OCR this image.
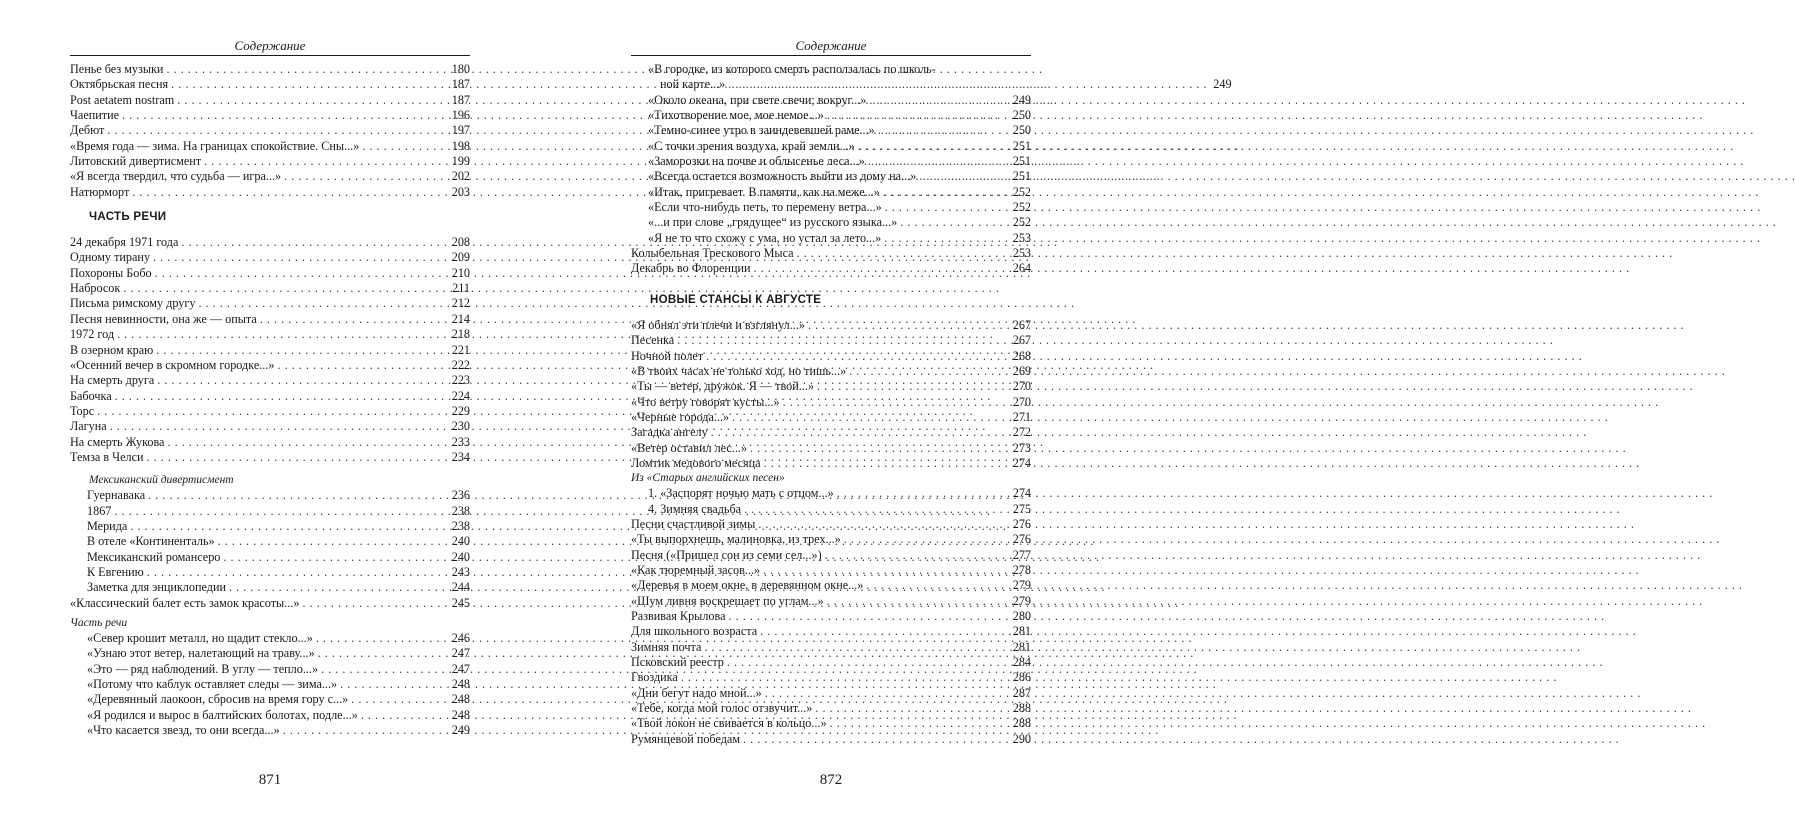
Содержание
Пенье без музыки . . .	180
Октябрьская песня . . .	187
Post aetatem nostram . . .	187
Чаепитие . . .	196
Дебют . . .	197
«Время года — зима. На границах спокойствие. Сны...» . . .	198
Литовский дивертисмент . . .	199
«Я всегда твердил, что судьба — игра...» . . .	202
Натюрморт . . .	203
ЧАСТЬ РЕЧИ
24 декабря 1971 года . . .	208
Одному тирану . . .	209
Похороны Бобо . . .	210
Набросок . . .	211
Письма римскому другу . . .	212
Песня невинности, она же — опыта . . .	214
1972 год . . .	218
В озерном краю . . .	221
«Осенний вечер в скромном городке...» . . .	222
На смерть друга . . .	223
Бабочка . . .	224
Торс . . .	229
Лагуна . . .	230
На смерть Жукова . . .	233
Темза в Челси . . .	234
Мексиканский дивертисмент
Гуернавака . . .	236
1867 . . .	238
Мерида . . .	238
В отеле «Континенталь» . . .	240
Мексиканский романсеро . . .	240
К Евгению . . .	243
Заметка для энциклопедии . . .	244
«Классический балет есть замок красоты...» . . .	245
Часть речи
«Север крошит металл, но щадит стекло...» . . .	246
«Узнаю этот ветер, налетающий на траву...» . . .	247
«Это — ряд наблюдений. В углу — тепло...» . . .	247
«Потому что каблук оставляет следы — зима...» . . .	248
«Деревянный лаокоон, сбросив на время гору с...» . . .	248
«Я родился и вырос в балтийских болотах, подле...» . . .	248
«Что касается звезд, то они всегда...» . . .	249
Содержание
«В городке, из которого смерть расползалась по школь-
ной карте...» . . .	249
«Около океана, при свете свечи; вокруг...» . . .	249
«Тихотворение мое, мое немое...» . . .	250
«Темно-синее утро в заиндевевшей раме...» . . .	250
«С точки зрения воздуха, край земли...» . . .	251
«Заморозки на почве и облысенье леса...» . . .	251
«Всегда остается возможность выйти из дому на...» . . .	251
«Итак, пригревает. В памяти, как на меже...» . . .	252
«Если что-нибудь петь, то перемену ветра...» . . .	252
«...и при слове „грядущее“ из русского языка...» . . .	252
«Я не то что схожу с ума, но устал за лето...» . . .	253
Колыбельная Трескового Мыса . . .	253
Декабрь во Флоренции . . .	264
НОВЫЕ СТАНСЫ К АВГУСТЕ
«Я обнял эти плечи и взглянул...» . . .	267
Песенка . . .	267
Ночной полет . . .	268
«В твоих часах не только ход, но тишь...» . . .	269
«Ты — ветер, дружок. Я — твой...» . . .	270
«Что ветру говорят кусты...» . . .	270
«Черные города...» . . .	271
Загадка ангелу . . .	272
«Ветер оставил лес...» . . .	273
Ломтик медового месяца . . .	274
Из «Старых английских песен»
1. «Заспорят ночью мать с отцом...» . . .	274
4. Зимняя свадьба . . .	275
Песни счастливой зимы . . .	276
«Ты выпорхнешь, малиновка, из трех...» . . .	276
Песня («Пришел сон из семи сел...») . . .	277
«Как тюремный засов...» . . .	278
«Деревья в моем окне, в деревянном окне...» . . .	279
«Шум ливня воскрешает по углам...» . . .	279
Развивая Крылова . . .	280
Для школьного возраста . . .	281
Зимняя почта . . .	281
Псковский реестр . . .	284
Гвоздика . . .	286
«Дни бегут надо мной...» . . .	287
«Тебе, когда мой голос отзвучит...» . . .	288
«Твой локон не свивается в кольцо...» . . .	288
Румянцевой победам . . .	290
871	872
